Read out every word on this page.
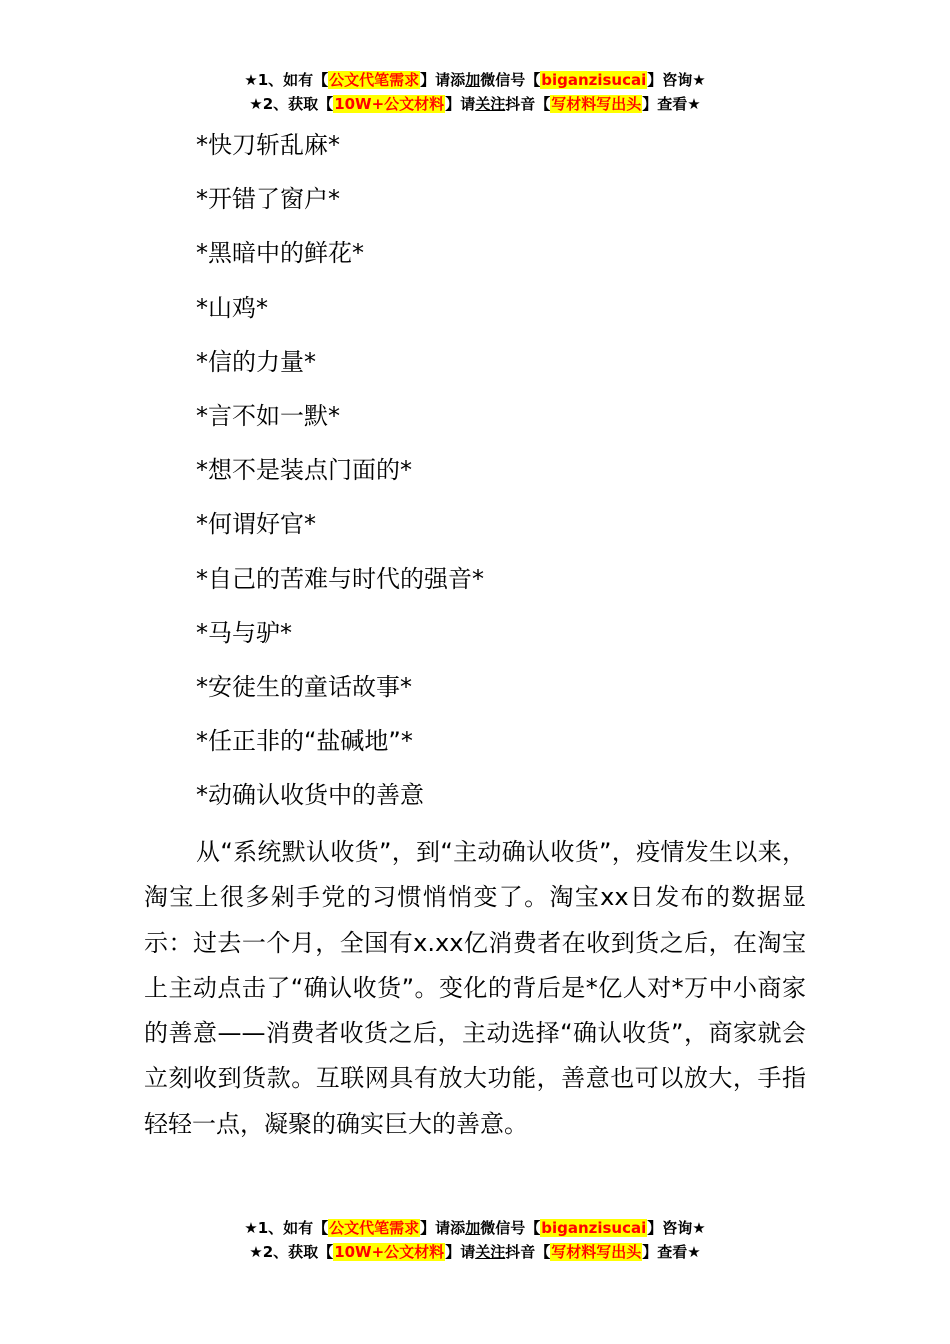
★1、如有【公文代笔需求】请添加微信号【biganzisucai】咨询★
★2、获取【10W+公文材料】请关注抖音【写材料写出头】查看★
*快刀斩乱麻*
*开错了窗户*
*黑暗中的鲜花*
*山鸡*
*信的力量*
*言不如一默*
*想不是装点门面的*
*何谓好官*
*自己的苦难与时代的强音*
*马与驴*
*安徒生的童话故事*
*任正非的“盐碱地”*
*动确认收货中的善意

从“系统默认收货”，到“主动确认收货”，疫情发生以来，淘宝上很多剁手党的习惯悄悄变了。淘宝xx日发布的数据显示：过去一个月，全国有x.xx亿消费者在收到货之后，在淘宝上主动点击了“确认收货”。变化的背后是*亿人对*万中小商家的善意——消费者收货之后，主动选择“确认收货”，商家就会立刻收到货款。互联网具有放大功能，善意也可以放大，手指轻轻一点，凝聚的确实巨大的善意。

★1、如有【公文代笔需求】请添加微信号【biganzisucai】咨询★
★2、获取【10W+公文材料】请关注抖音【写材料写出头】查看★
